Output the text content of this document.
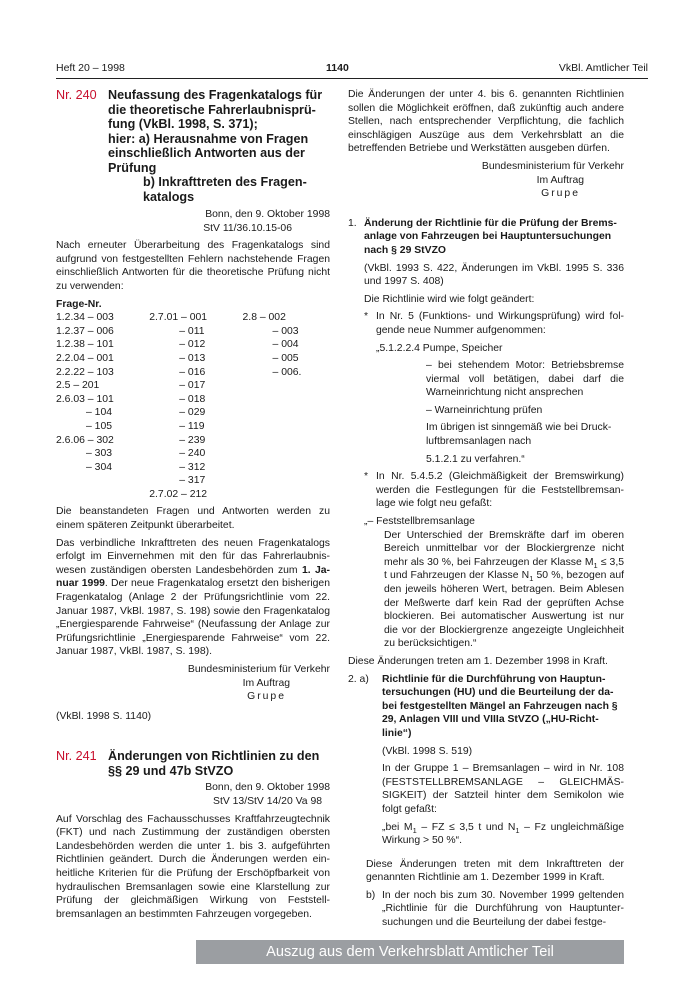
Heft 20 – 1998	1140	VkBl. Amtlicher Teil
Nr. 240 Neufassung des Fragenkatalogs für die theoretische Fahrerlaubnisprüfung (VkBl. 1998, S. 371);
hier: a) Herausnahme von Fragen einschließlich Antworten aus der Prüfung
b) Inkrafttreten des Fragenkatalogs
Bonn, den 9. Oktober 1998
StV 11/36.10.15-06

Nach erneuter Überarbeitung des Fragenkatalogs sind aufgrund von festgestellten Fehlern nachstehende Fragen einschließlich Antworten für die theoretische Prüfung nicht zu verwenden:

Frage-Nr.
1.2.34 – 003	2.7.01 – 001	2.8 – 002
1.2.37 – 006	– 011	– 003
1.2.38 – 101	– 012	– 004
2.2.04 – 001	– 013	– 005
2.2.22 – 103	– 016	– 006.
2.5 – 201	– 017	
2.6.03 – 101	– 018	
– 104	– 029	
– 105	– 119	
2.6.06 – 302	– 239	
– 303	– 240	
– 304	– 312	
	– 317	
	2.7.02 – 212	

Die beanstandeten Fragen und Antworten werden zu einem späteren Zeitpunkt überarbeitet.

Das verbindliche Inkrafttreten des neuen Fragenkatalogs erfolgt im Einvernehmen mit den für das Fahrerlaubniswesen zuständigen obersten Landesbehörden zum 1. Januar 1999. Der neue Fragenkatalog ersetzt den bisherigen Fragenkatalog (Anlage 2 der Prüfungsrichtlinie vom 22. Januar 1987, VkBl. 1987, S. 198) sowie den Fragenkatalog „Energiesparende Fahrweise“ (Neufassung der Anlage zur Prüfungsrichtlinie „Energiesparende Fahrweise“ vom 22. Januar 1987, VkBl. 1987, S. 198).

Bundesministerium für Verkehr
Im Auftrag
Grupe
(VkBl. 1998 S. 1140)
Nr. 241 Änderungen von Richtlinien zu den §§ 29 und 47b StVZO
Bonn, den 9. Oktober 1998
StV 13/StV 14/20 Va 98

Auf Vorschlag des Fachausschusses Kraftfahrzeugtechnik (FKT) und nach Zustimmung der zuständigen obersten Landesbehörden werden die unter 1. bis 3. aufgeführten Richtlinien geändert. Durch die Änderungen werden einheitliche Kriterien für die Prüfung der Erschöpfbarkeit von hydraulischen Bremsanlagen sowie eine Klarstellung zur Prüfung der gleichmäßigen Wirkung von Feststellbremsanlagen an bestimmten Fahrzeugen vorgegeben.

Die Änderungen der unter 4. bis 6. genannten Richtlinien sollen die Möglichkeit eröffnen, daß zukünftig auch andere Stellen, nach entsprechender Verpflichtung, die fachlich einschlägigen Auszüge aus dem Verkehrsblatt an die betreffenden Betriebe und Werkstätten ausgeben dürfen.

Bundesministerium für Verkehr
Im Auftrag
Grupe
1. Änderung der Richtlinie für die Prüfung der Bremsanlage von Fahrzeugen bei Hauptuntersuchungen nach § 29 StVZO

(VkBl. 1993 S. 422, Änderungen im VkBl. 1995 S. 336 und 1997 S. 408)

Die Richtlinie wird wie folgt geändert:

* In Nr. 5 (Funktions- und Wirkungsprüfung) wird folgende neue Nummer aufgenommen:

„5.1.2.2.4 Pumpe, Speicher

– bei stehendem Motor: Betriebsbremse viermal voll betätigen, dabei darf die Warneinrichtung nicht ansprechen

– Warneinrichtung prüfen

Im übrigen ist sinngemäß wie bei Druckluftbremsanlagen nach

5.1.2.1 zu verfahren.“

* In Nr. 5.4.5.2 (Gleichmäßigkeit der Bremswirkung) werden die Festlegungen für die Feststellbremsanlage wie folgt neu gefaßt:

„– Feststellbremsanlage

Der Unterschied der Bremskräfte darf im oberen Bereich unmittelbar vor der Blockiergrenze nicht mehr als 30 %, bei Fahrzeugen der Klasse $M_1 \le 3,5$ t und Fahrzeugen der Klasse $N_1$ 50 %, bezogen auf den jeweils höheren Wert, betragen. Beim Ablesen der Meßwerte darf kein Rad der geprüften Achse blockieren. Bei automatischer Auswertung ist nur die vor der Blockiergrenze angezeigte Ungleichheit zu berücksichtigen.“

Diese Änderungen treten am 1. Dezember 1998 in Kraft.

2. a)	Richtlinie für die Durchführung von Hauptuntersuchungen (HU) und die Beurteilung der dabei festgestellten Mängel an Fahrzeugen nach § 29, Anlagen VIII und VIIIa StVZO („HU-Richtlinie“)

(VkBl. 1998 S. 519)

In der Gruppe 1 – Bremsanlagen – wird in Nr. 108 (FESTSTELLBREMSANLAGE – GLEICHMÄSSIGKEIT) der Satzteil hinter dem Semikolon wie folgt gefaßt:

„bei $M_1$ – FZ ≤ 3,5 t und $N_1$ – Fz ungleichmäßige Wirkung > 50 %“.

Diese Änderungen treten mit dem Inkrafttreten der genannten Richtlinie am 1. Dezember 1999 in Kraft.

b) In der noch bis zum 30. November 1999 geltenden „Richtlinie für die Durchführung von Hauptuntersuchungen und die Beurteilung der dabei festge-

Auszug aus dem Verkehrsblatt Amtlicher Teil
